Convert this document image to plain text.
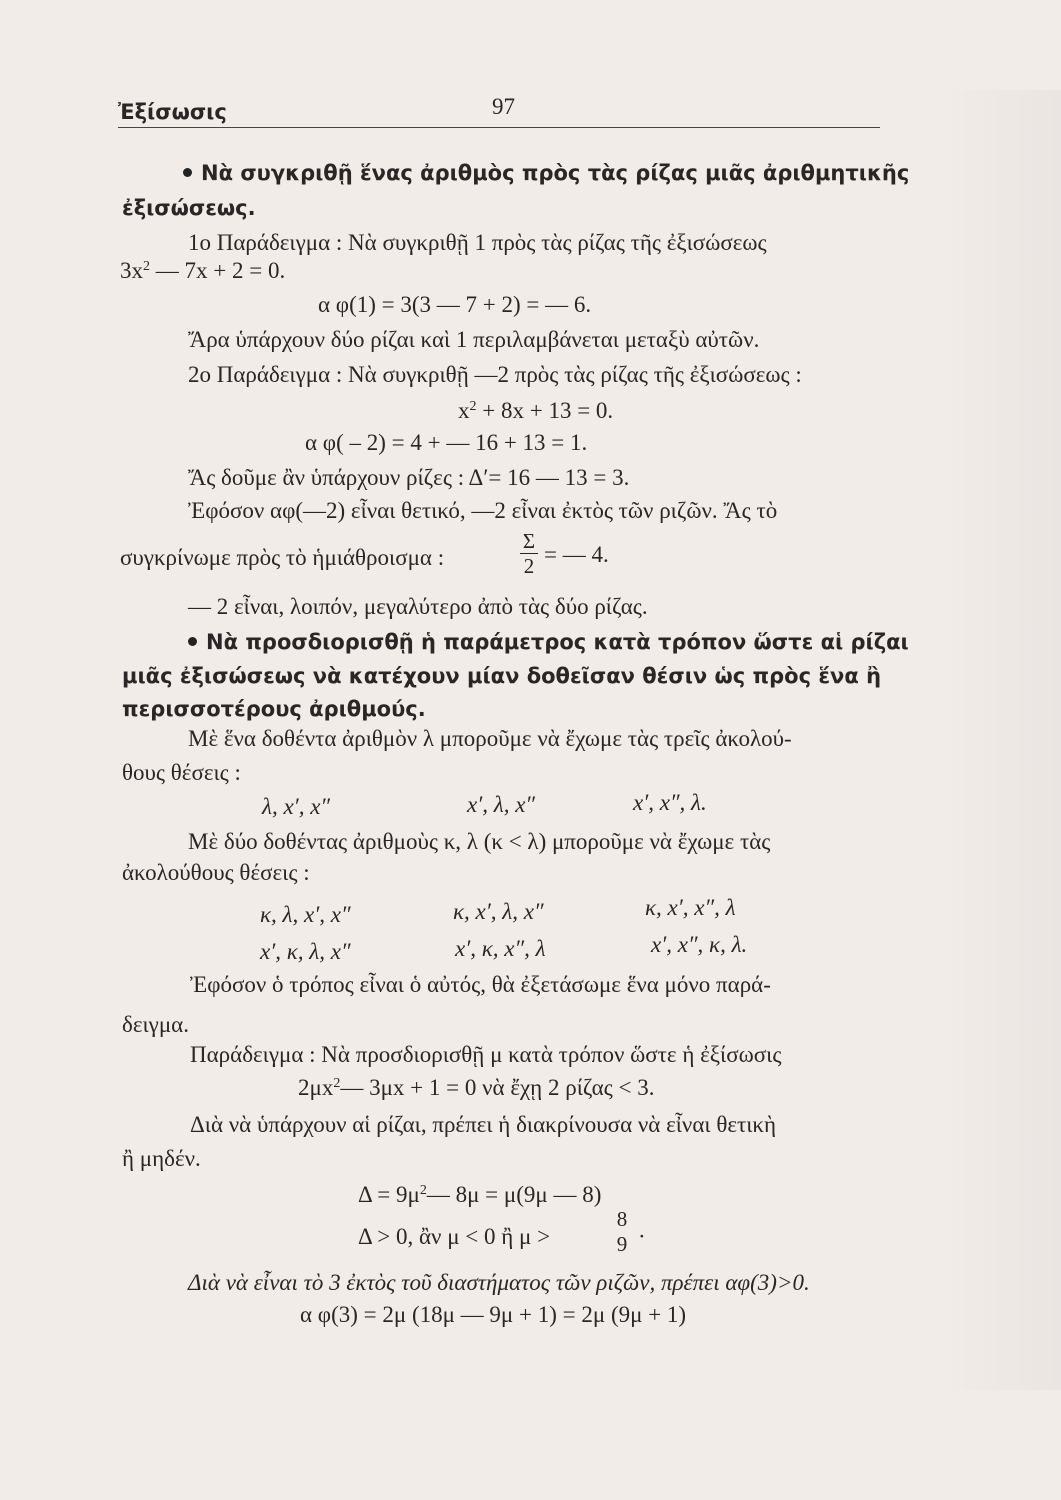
Ἐξίσωσις	97
Νὰ συγκριθῇ ἕνας ἀριθμὸς πρὸς τὰς ρίζας μιᾶς ἀριθμητικῆς
ἐξισώσεως.
1ο Παράδειγμα : Νὰ συγκριθῇ 1 πρὸς τὰς ρίζας τῆς ἐξισώσεως
$3x^2$ — 7x + 2 = 0.
α φ(1) = 3(3 — 7 + 2) = — 6.
Ἄρα ὑπάρχουν δύο ρίζαι καὶ 1 περιλαμβάνεται μεταξὺ αὐτῶν.
2ο Παράδειγμα : Νὰ συγκριθῇ —2 πρὸς τὰς ρίζας τῆς ἐξισώσεως :
$x^2 + 8x + 13 = 0$.
α φ( – 2) = 4 + — 16 + 13 = 1.
Ἄς δοῦμε ἂν ὑπάρχουν ρίζες : Δ′= 16 — 13 = 3.
Ἐφόσον αφ(—2) εἶναι θετικό, —2 εἶναι ἐκτὸς τῶν ριζῶν. Ἄς τὸ
συγκρίνωμε πρὸς τὸ ἡμιάθροισμα :
Σ
2 = — 4.
— 2 εἶναι, λοιπόν, μεγαλύτερο ἀπὸ τὰς δύο ρίζας.
Νὰ προσδιορισθῇ ἡ παράμετρος κατὰ τρόπον ὥστε αἱ ρίζαι
μιᾶς ἐξισώσεως νὰ κατέχουν μίαν δοθεῖσαν θέσιν ὡς πρὸς ἕνα ἢ
περισσοτέρους ἀριθμούς.
Μὲ ἕνα δοθέντα ἀριθμὸν λ μποροῦμε νὰ ἔχωμε τὰς τρεῖς ἀκολού-
θους θέσεις :
λ, x′, x″	x′, λ, x″	x′, x″, λ.
Μὲ δύο δοθέντας ἀριθμοὺς κ, λ (κ < λ) μποροῦμε νὰ ἔχωμε τὰς
ἀκολούθους θέσεις :
κ, λ, x′, x″	κ, x′, λ, x″	κ, x′, x″, λ
x′, κ, λ, x″	x′, κ, x″, λ	x′, x″, κ, λ.
Ἐφόσον ὁ τρόπος εἶναι ὁ αὐτός, θὰ ἐξετάσωμε ἕνα μόνο παρά-
δειγμα.
Παράδειγμα : Νὰ προσδιορισθῇ μ κατὰ τρόπον ὥστε ἡ ἐξίσωσις
$2\mu x^2—$ 3μx + 1 = 0 νὰ ἔχῃ 2 ρίζας < 3.
Διὰ νὰ ὑπάρχουν αἱ ρίζαι, πρέπει ἡ διακρίνουσα νὰ εἶναι θετικὴ
ἢ μηδέν.
$\Delta = 9\mu^2—$ 8μ = μ(9μ — 8)
Δ > 0, ἂν μ < 0 ἢ μ >
8
9 ·
Διὰ νὰ εἶναι τὸ 3 ἐκτὸς τοῦ διαστήματος τῶν ριζῶν, πρέπει αφ(3)>0.
α φ(3) = 2μ (18μ — 9μ + 1) = 2μ (9μ + 1)
